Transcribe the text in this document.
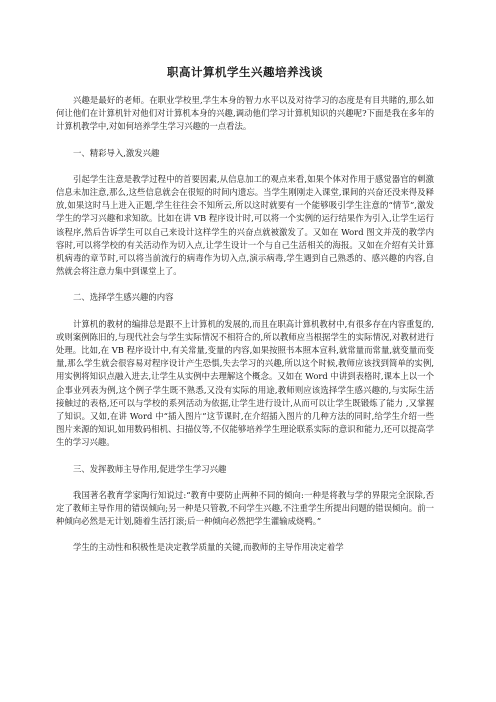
职高计算机学生兴趣培养浅谈

兴趣是最好的老师。在职业学校里,学生本身的智力水平以及对待学习的态度是有目共睹的,那么如何让他们在计算机针对他们对计算机本身的兴趣,调动他们学习计算机知识的兴趣呢?下面是我在多年的计算机教学中,对如何培养学生学习兴趣的一点看法。

一、精彩导入,激发兴趣

引起学生注意是教学过程中的首要因素,从信息加工的观点来看,如果个体对作用于感觉器官的刺激信息未加注意,那么,这些信息就会在很短的时间内遗忘。当学生刚刚走入课堂,课间的兴奋还没来得及释放,如果这时马上进入正题,学生往往会不知所云,所以这时就要有一个能够吸引学生注意的“情节”,激发学生的学习兴趣和求知欲。比如在讲 VB 程序设计时,可以将一个实例的运行结果作为引入,让学生运行该程序,然后告诉学生可以自己来设计这样学生的兴奋点就被激发了。又如在 Word 图文并茂的教学内容时,可以将学校的有关活动作为切入点,让学生设计一个与自己生活相关的海报。又如在介绍有关计算机病毒的章节时,可以将当前流行的病毒作为切入点,演示病毒,学生遇到自己熟悉的、感兴趣的内容,自然就会将注意力集中到课堂上了。

二、选择学生感兴趣的内容

计算机的教材的编排总是跟不上计算机的发展的,而且在职高计算机教材中,有很多存在内容重复的,或则案例陈旧的,与现代社会与学生实际情况不相符合的,所以教师应当根据学生的实际情况,对教材进行处理。比如,在 VB 程序设计中,有关常量,变量的内容,如果按照书本照本宣科,就常量而常量,就变量而变量,那么学生就会很容易对程序设计产生恐惧,失去学习的兴趣,所以这个时候,教师应该找到简单的实例,用实例将知识点融入进去,让学生从实例中去理解这个概念。又如在 Word 中讲到表格时,课本上以一个企事业列表为例,这个例子学生既不熟悉,又没有实际的用途,教师则应该选择学生感兴趣的,与实际生活接触过的表格,还可以与学校的系列活动为依据,让学生进行设计,从而可以让学生既锻炼了能力 ,又掌握了知识。又如,在讲 Word 中“插入图片”这节课时,在介绍插入图片的几种方法的同时,给学生介绍一些图片来源的知识,如用数码相机、扫描仪等,不仅能够培养学生理论联系实际的意识和能力,还可以提高学生的学习兴趣。

三、发挥教师主导作用,促进学生学习兴趣

我国著名教育学家陶行知说过:“教育中要防止两种不同的倾向:一种是将教与学的界限完全泯除,否定了教师主导作用的错误倾向;另一种是只管教,不问学生兴趣,不注重学生所提出问题的错误倾向。前一种倾向必然是无计划,随着生活打滚;后一种倾向必然把学生灌输成烧鸭。”

学生的主动性和积极性是决定教学质量的关键,而教师的主导作用决定着学
